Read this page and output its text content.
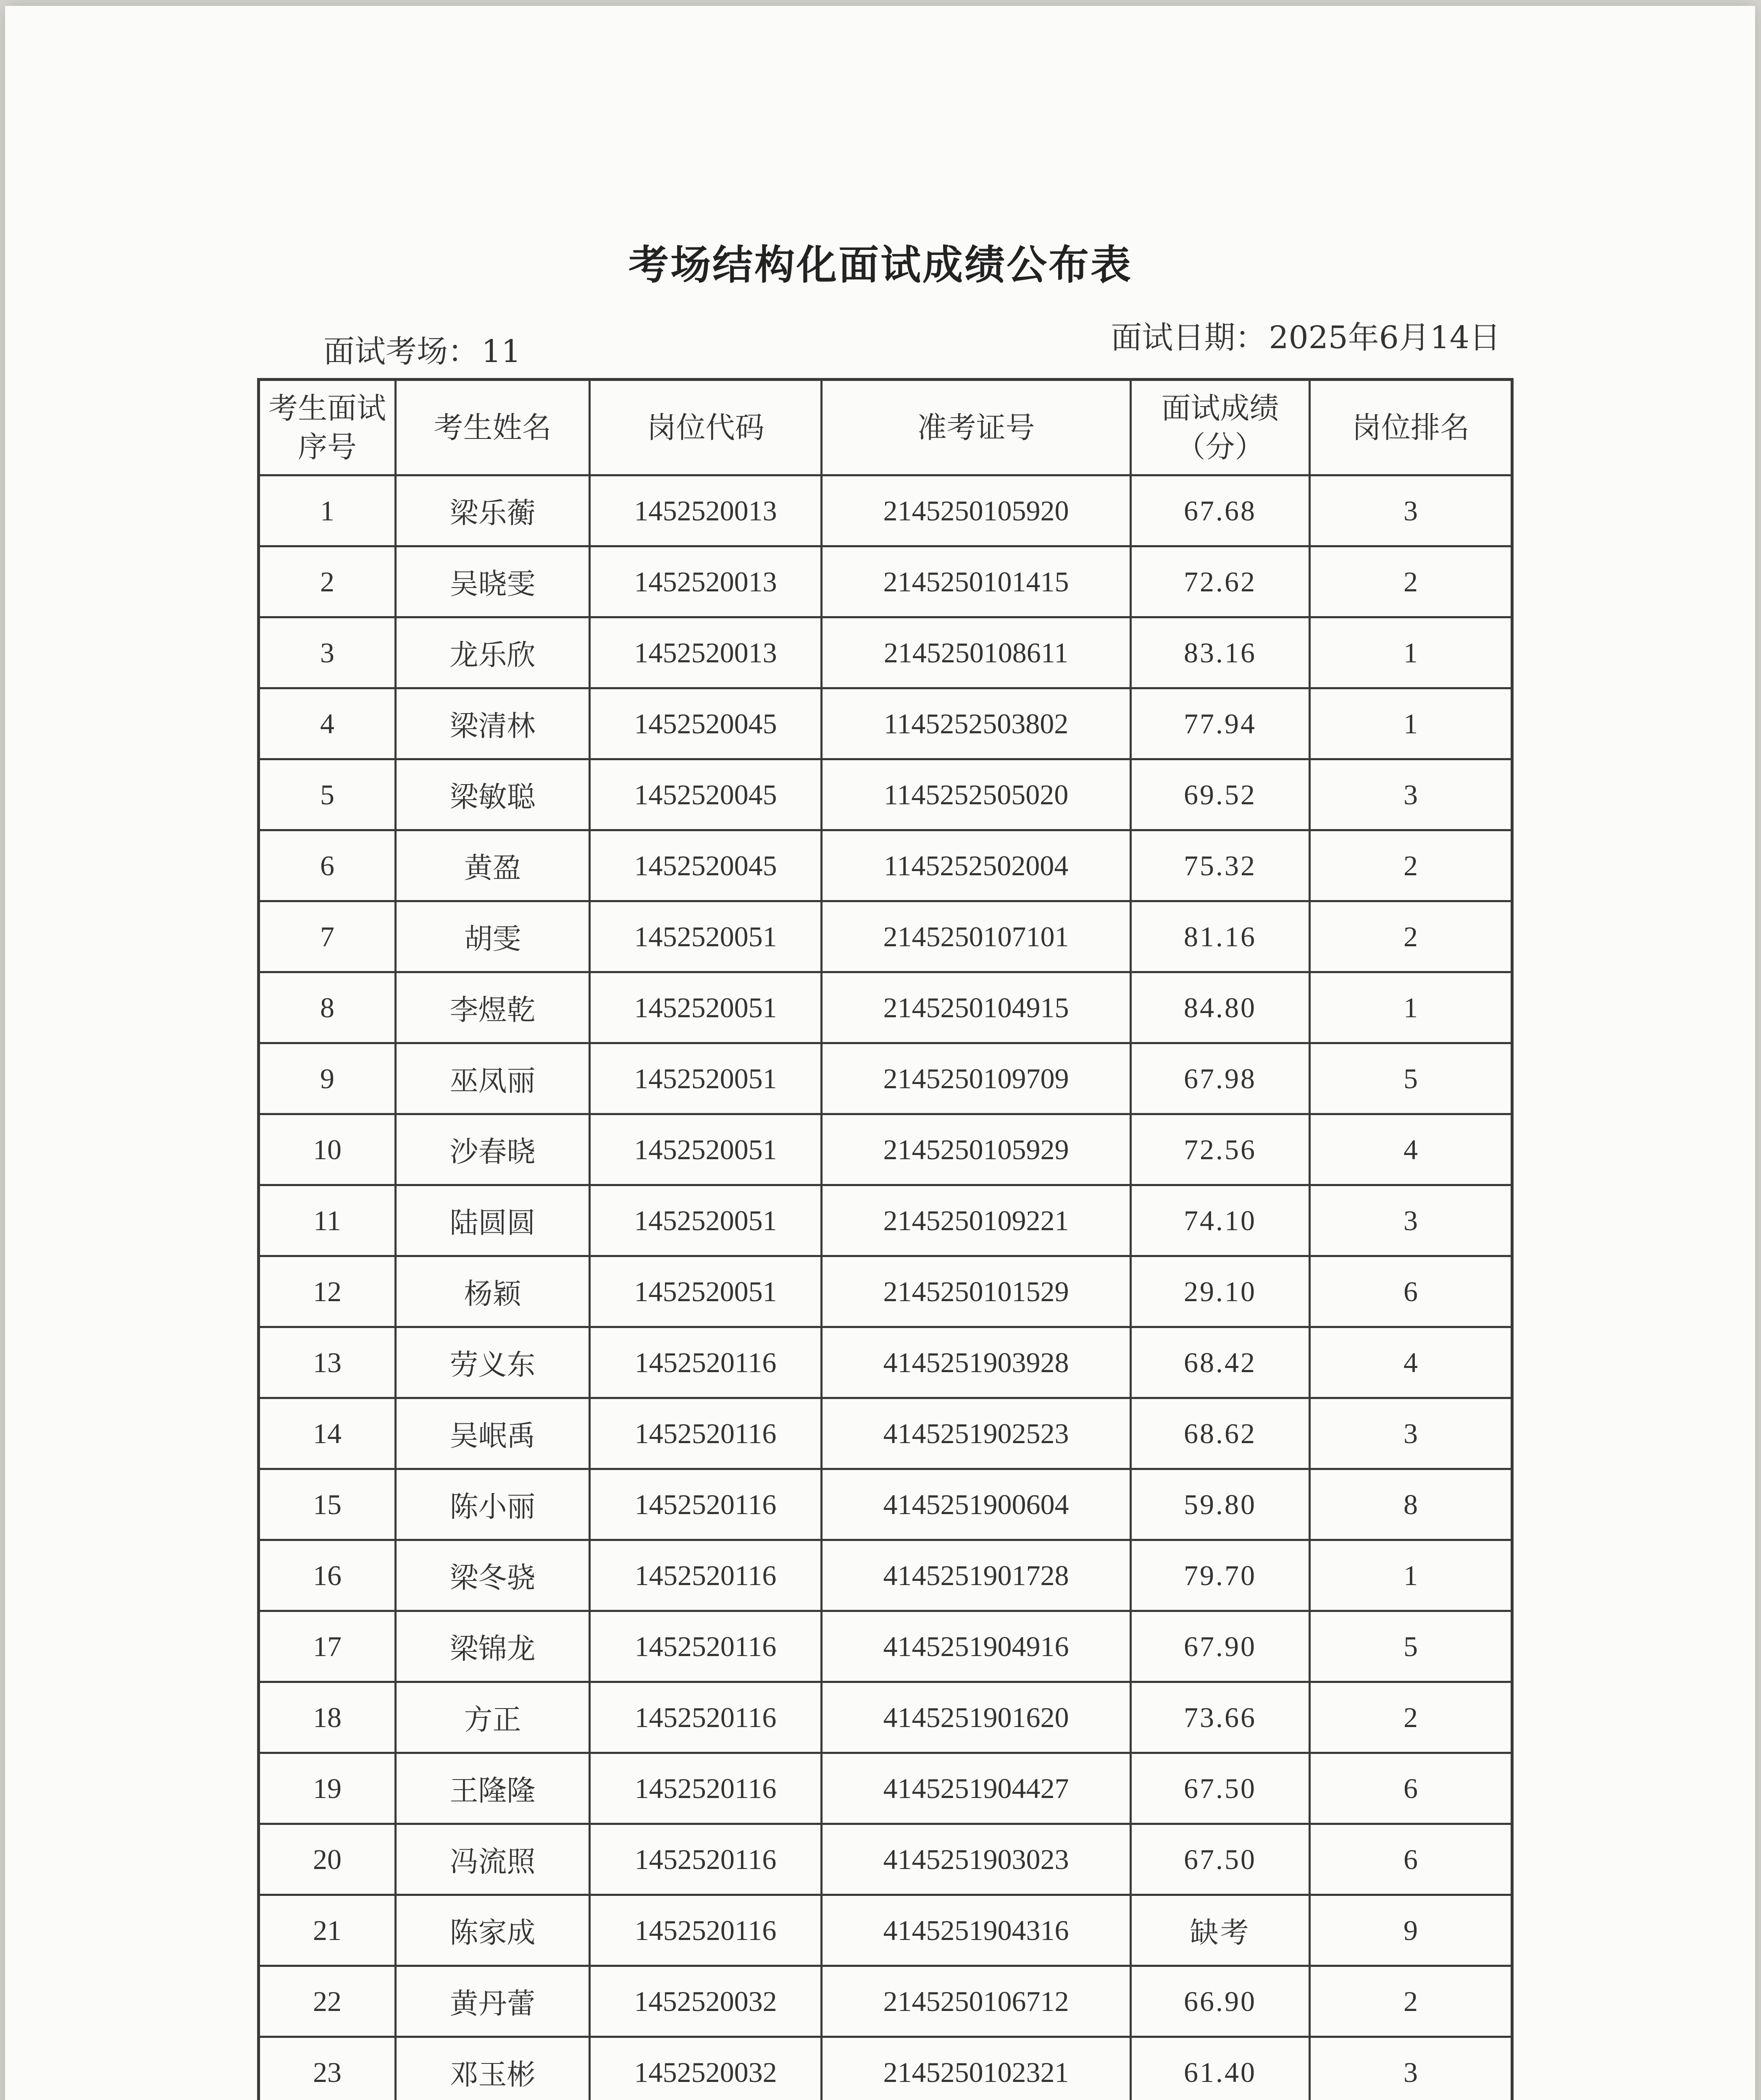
考场结构化面试成绩公布表
面试考场：11	面试日期：2025年6月14日
考生面试序号	考生姓名	岗位代码	准考证号	面试成绩（分）	岗位排名
1	梁乐蘅	1452520013	2145250105920	67.68	3
2	吴晓雯	1452520013	2145250101415	72.62	2
3	龙乐欣	1452520013	2145250108611	83.16	1
4	梁清林	1452520045	1145252503802	77.94	1
5	梁敏聪	1452520045	1145252505020	69.52	3
6	黄盈	1452520045	1145252502004	75.32	2
7	胡雯	1452520051	2145250107101	81.16	2
8	李煜乾	1452520051	2145250104915	84.80	1
9	巫凤丽	1452520051	2145250109709	67.98	5
10	沙春晓	1452520051	2145250105929	72.56	4
11	陆圆圆	1452520051	2145250109221	74.10	3
12	杨颖	1452520051	2145250101529	29.10	6
13	劳义东	1452520116	4145251903928	68.42	4
14	吴岷禹	1452520116	4145251902523	68.62	3
15	陈小丽	1452520116	4145251900604	59.80	8
16	梁冬骁	1452520116	4145251901728	79.70	1
17	梁锦龙	1452520116	4145251904916	67.90	5
18	方正	1452520116	4145251901620	73.66	2
19	王隆隆	1452520116	4145251904427	67.50	6
20	冯流照	1452520116	4145251903023	67.50	6
21	陈家成	1452520116	4145251904316	缺考	9
22	黄丹蕾	1452520032	2145250106712	66.90	2
23	邓玉彬	1452520032	2145250102321	61.40	3
